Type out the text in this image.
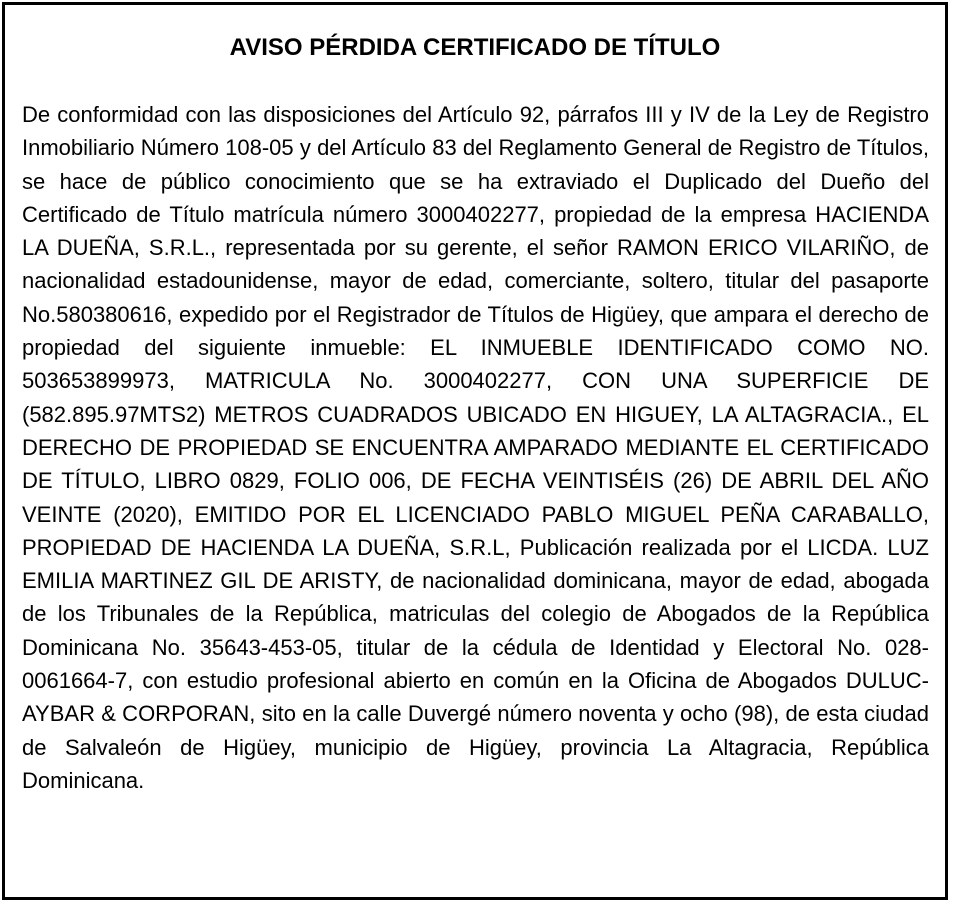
AVISO PÉRDIDA CERTIFICADO DE TÍTULO

De conformidad con las disposiciones del Artículo 92, párrafos III y IV de la Ley de Registro Inmobiliario Número 108-05 y del Artículo 83 del Reglamento General de Registro de Títulos, se hace de público conocimiento que se ha extraviado el Duplicado del Dueño del Certificado de Título matrícula número 3000402277, propiedad de la empresa HACIENDA LA DUEÑA, S.R.L., representada por su gerente, el señor RAMON ERICO VILARIÑO, de nacionalidad estadounidense, mayor de edad, comerciante, soltero, titular del pasaporte No.580380616, expedido por el Registrador de Títulos de Higüey, que ampara el derecho de propiedad del siguiente inmueble: EL INMUEBLE IDENTIFICADO COMO NO. 503653899973, MATRICULA No. 3000402277, CON UNA SUPERFICIE DE (582.895.97MTS2) METROS CUADRADOS UBICADO EN HIGUEY, LA ALTAGRACIA., EL DERECHO DE PROPIEDAD SE ENCUENTRA AMPARADO MEDIANTE EL CERTIFICADO DE TÍTULO, LIBRO 0829, FOLIO 006, DE FECHA VEINTISÉIS (26) DE ABRIL DEL AÑO VEINTE (2020), EMITIDO POR EL LICENCIADO PABLO MIGUEL PEÑA CARABALLO, PROPIEDAD DE HACIENDA LA DUEÑA, S.R.L, Publicación realizada por el LICDA. LUZ EMILIA MARTINEZ GIL DE ARISTY, de nacionalidad dominicana, mayor de edad, abogada de los Tribunales de la República, matriculas del colegio de Abogados de la República Dominicana No. 35643-453-05, titular de la cédula de Identidad y Electoral No. 028-0061664-7, con estudio profesional abierto en común en la Oficina de Abogados DULUC-AYBAR & CORPORAN, sito en la calle Duvergé número noventa y ocho (98), de esta ciudad de Salvaleón de Higüey, municipio de Higüey, provincia La Altagracia, República Dominicana.
